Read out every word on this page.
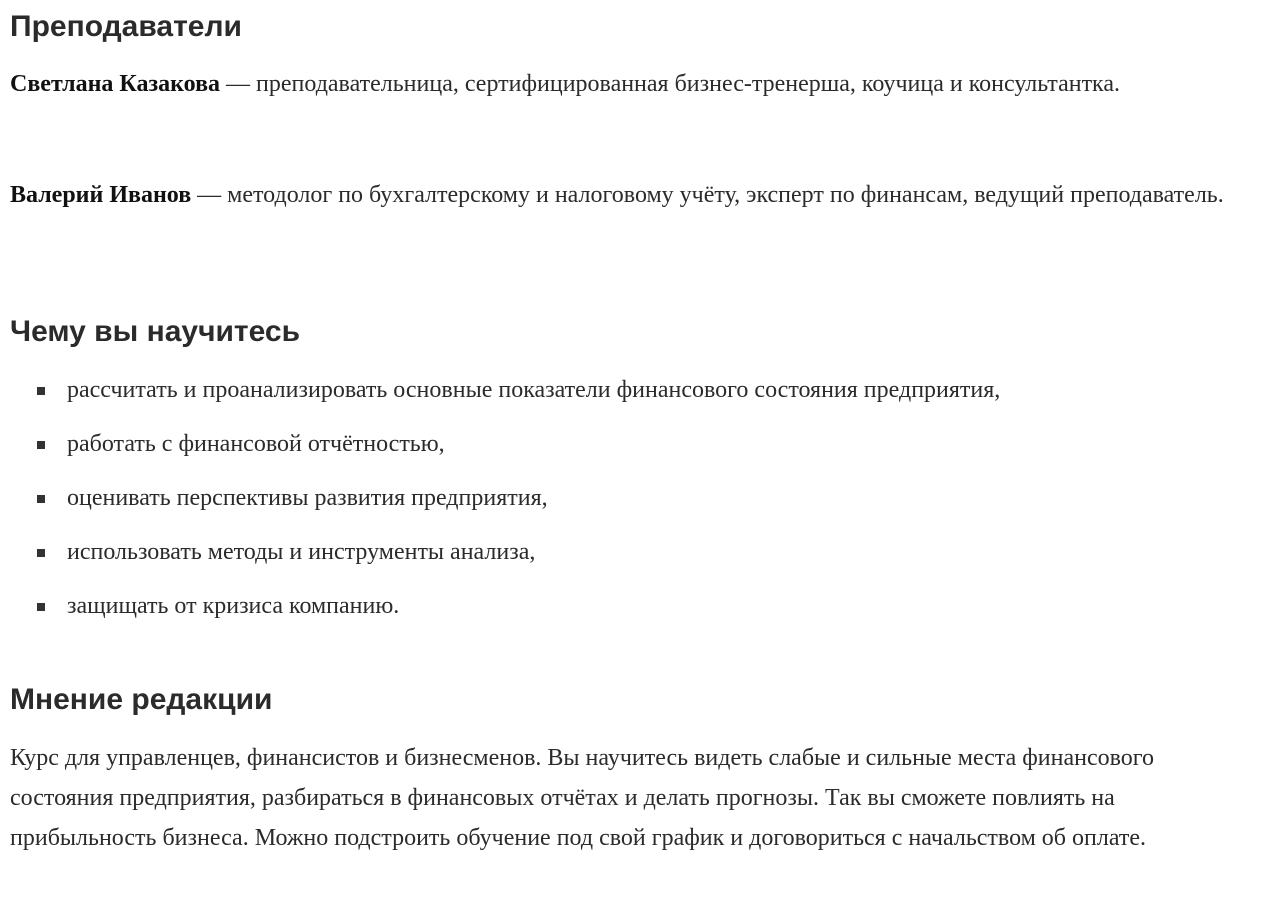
Преподаватели

Светлана Казакова — преподавательница, сертифицированная бизнес-тренерша, коучица и консультантка.

Валерий Иванов — методолог по бухгалтерскому и налоговому учёту, эксперт по финансам, ведущий преподаватель.

Чему вы научитесь
рассчитать и проанализировать основные показатели финансового состояния предприятия,
работать с финансовой отчётностью,
оценивать перспективы развития предприятия,
использовать методы и инструменты анализа,
защищать от кризиса компанию.
Мнение редакции

Курс для управленцев, финансистов и бизнесменов. Вы научитесь видеть слабые и сильные места финансового состояния предприятия, разбираться в финансовых отчётах и делать прогнозы. Так вы сможете повлиять на прибыльность бизнеса. Можно подстроить обучение под свой график и договориться с начальством об оплате.
